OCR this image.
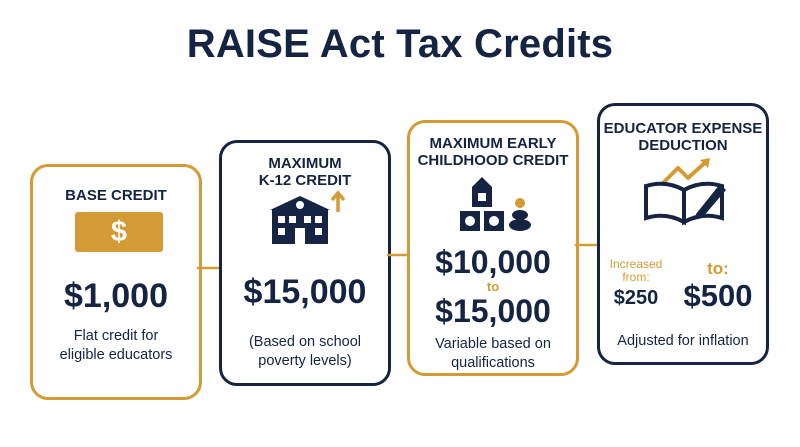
RAISE Act Tax Credits
BASE CREDIT
$
$1,000
Flat credit for
eligible educators
MAXIMUM
K-12 CREDIT
$15,000
(Based on school
poverty levels)
MAXIMUM EARLY
CHILDHOOD CREDIT
$10,000
to
$15,000
Variable based on
qualifications
EDUCATOR EXPENSE
DEDUCTION
Increased
from:
$250
to:
$500
Adjusted for inflation
